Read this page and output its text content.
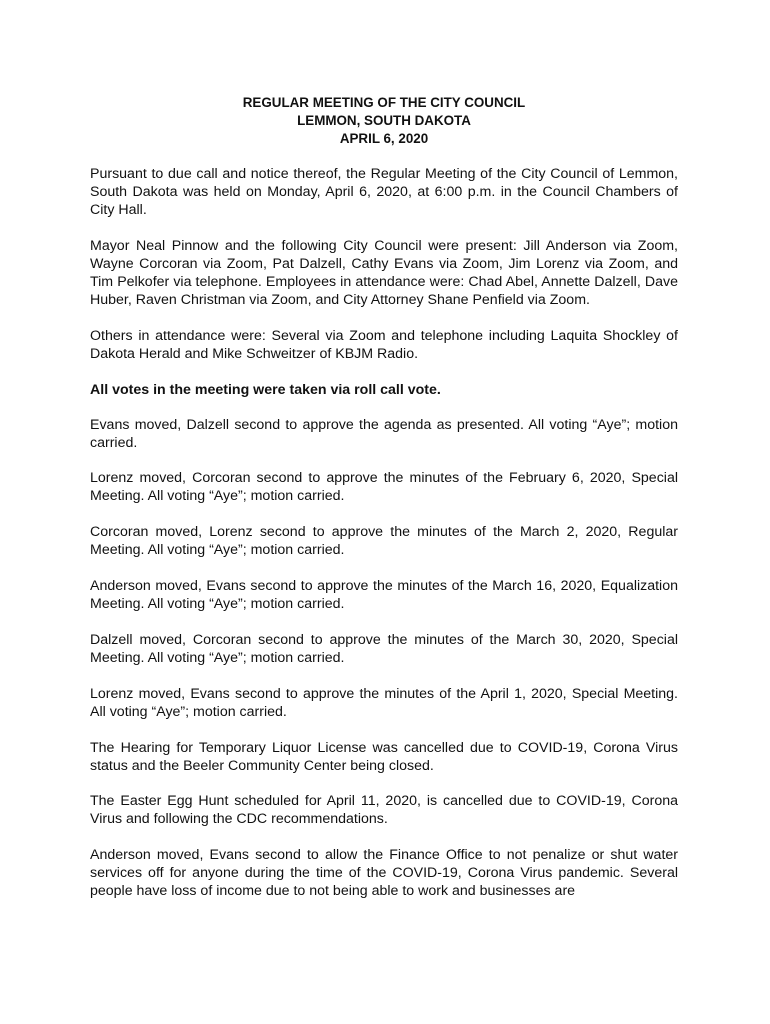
REGULAR MEETING OF THE CITY COUNCIL
LEMMON, SOUTH DAKOTA
APRIL 6, 2020

Pursuant to due call and notice thereof, the Regular Meeting of the City Council of Lemmon, South Dakota was held on Monday, April 6, 2020, at 6:00 p.m. in the Council Chambers of City Hall.

Mayor Neal Pinnow and the following City Council were present: Jill Anderson via Zoom, Wayne Corcoran via Zoom, Pat Dalzell, Cathy Evans via Zoom, Jim Lorenz via Zoom, and Tim Pelkofer via telephone. Employees in attendance were: Chad Abel, Annette Dalzell, Dave Huber, Raven Christman via Zoom, and City Attorney Shane Penfield via Zoom.

Others in attendance were: Several via Zoom and telephone including Laquita Shockley of Dakota Herald and Mike Schweitzer of KBJM Radio.

All votes in the meeting were taken via roll call vote.

Evans moved, Dalzell second to approve the agenda as presented. All voting “Aye”; motion carried.

Lorenz moved, Corcoran second to approve the minutes of the February 6, 2020, Special Meeting. All voting “Aye”; motion carried.

Corcoran moved, Lorenz second to approve the minutes of the March 2, 2020, Regular Meeting. All voting “Aye”; motion carried.

Anderson moved, Evans second to approve the minutes of the March 16, 2020, Equalization Meeting. All voting “Aye”; motion carried.

Dalzell moved, Corcoran second to approve the minutes of the March 30, 2020, Special Meeting. All voting “Aye”; motion carried.

Lorenz moved, Evans second to approve the minutes of the April 1, 2020, Special Meeting. All voting “Aye”; motion carried.

The Hearing for Temporary Liquor License was cancelled due to COVID-19, Corona Virus status and the Beeler Community Center being closed.

The Easter Egg Hunt scheduled for April 11, 2020, is cancelled due to COVID-19, Corona Virus and following the CDC recommendations.

Anderson moved, Evans second to allow the Finance Office to not penalize or shut water services off for anyone during the time of the COVID-19, Corona Virus pandemic. Several people have loss of income due to not being able to work and businesses are
